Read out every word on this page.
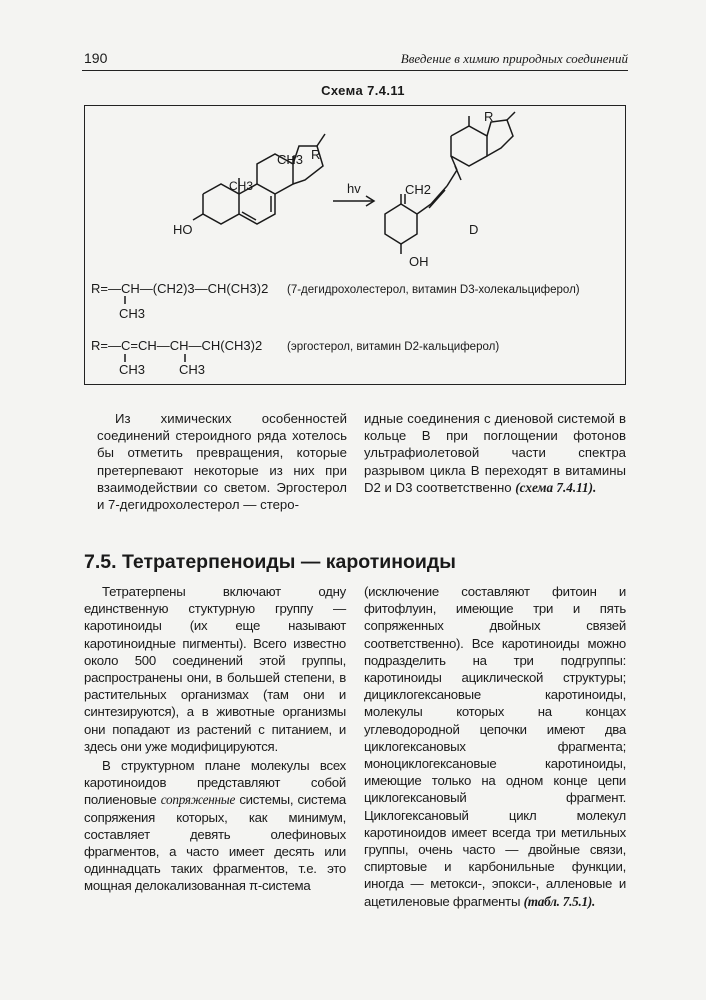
190	Введение в химию природных соединений
Схема 7.4.11
CH3 R
CH3
HO
hv
R
CH2
D
OH
R=—CH—(CH2)3—CH(CH3)2
CH3
(7-дегидрохолестерол, витамин D3-холекальциферол)
R=—C=CH—CH—CH(CH3)2
CH3	CH3
(эргостерол, витамин D2-кальциферол)

Из химических особенностей соединений стероидного ряда хотелось бы отметить превращения, которые претерпевают некоторые из них при взаимодействии со светом. Эргостерол и 7-дегидрохолестерол — стеро-

идные соединения с диеновой системой в кольце В при поглощении фотонов ультрафиолетовой части спектра разрывом цикла В переходят в витамины D2 и D3 соответственно (схема 7.4.11).

7.5. Тетратерпеноиды — каротиноиды

Тетратерпены включают одну единственную стуктурную группу — каротиноиды (их еще называют каротиноидные пигменты). Всего известно около 500 соединений этой группы, распространены они, в большей степени, в растительных организмах (там они и синтезируются), а в животные организмы они попадают из растений с питанием, и здесь они уже модифицируются.

В структурном плане молекулы всех каротиноидов представляют собой полиеновые сопряженные системы, система сопряжения которых, как минимум, составляет девять олефиновых фрагментов, а часто имеет десять или одиннадцать таких фрагментов, т.е. это мощная делокализованная π-система

(исключение составляют фитоин и фитофлуин, имеющие три и пять сопряженных двойных связей соответственно). Все каротиноиды можно подразделить на три подгруппы: каротиноиды ациклической структуры; дициклогексановые каротиноиды, молекулы которых на концах углеводородной цепочки имеют два циклогексановых фрагмента; моноциклогексановые каротиноиды, имеющие только на одном конце цепи циклогексановый фрагмент. Циклогексановый цикл молекул каротиноидов имеет всегда три метильных группы, очень часто — двойные связи, спиртовые и карбонильные функции, иногда — метокси-, эпокси-, алленовые и ацетиленовые фрагменты (табл. 7.5.1).
